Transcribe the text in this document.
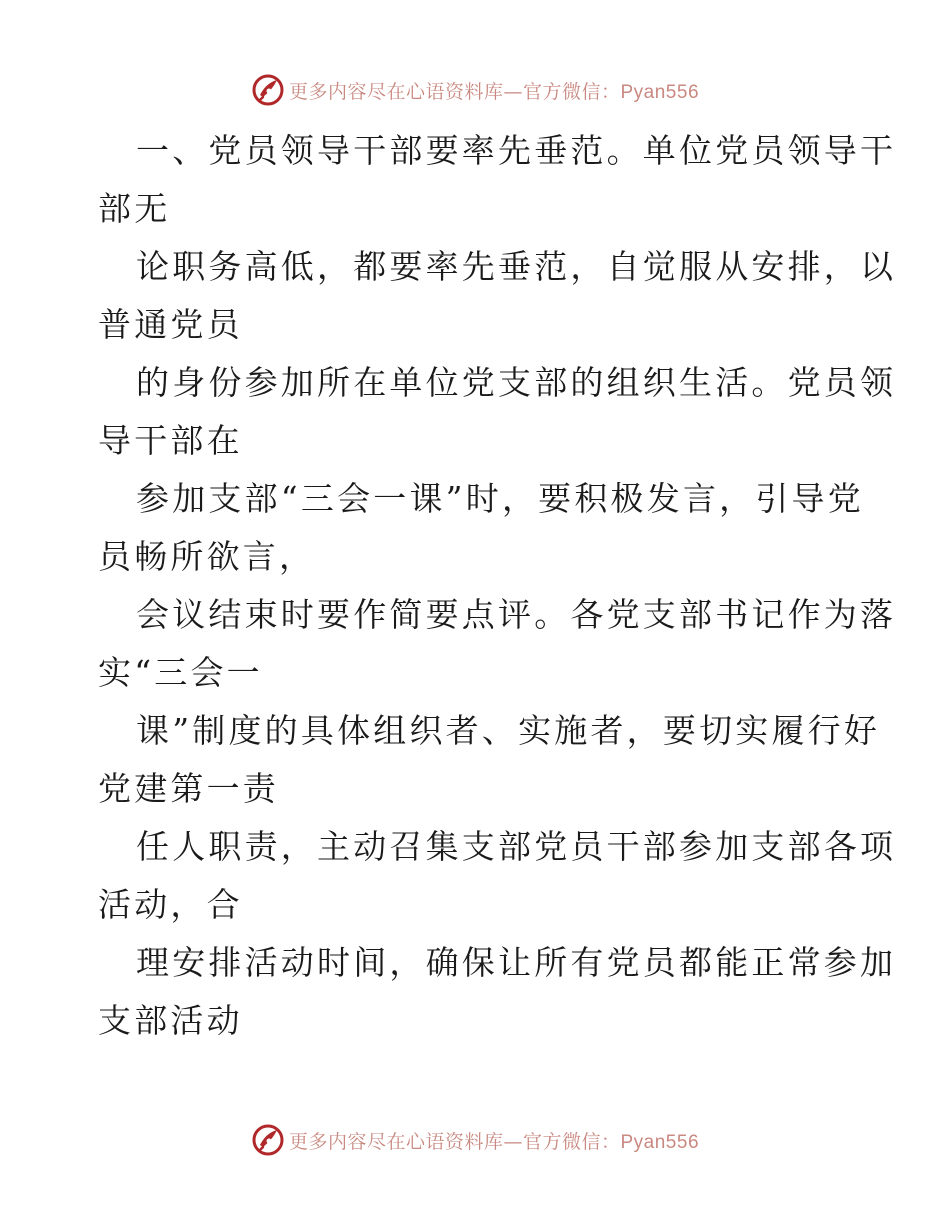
更多内容尽在心语资料库—官方微信：Pyan556

一、党员领导干部要率先垂范。单位党员领导干
部无

论职务高低，都要率先垂范，自觉服从安排，以
普通党员

的身份参加所在单位党支部的组织生活。党员领
导干部在

参加支部“三会一课”时，要积极发言，引导党
员畅所欲言，

会议结束时要作简要点评。各党支部书记作为落
实“三会一

课”制度的具体组织者、实施者，要切实履行好
党建第一责

任人职责，主动召集支部党员干部参加支部各项
活动，合

理安排活动时间，确保让所有党员都能正常参加
支部活动

更多内容尽在心语资料库—官方微信：Pyan556
